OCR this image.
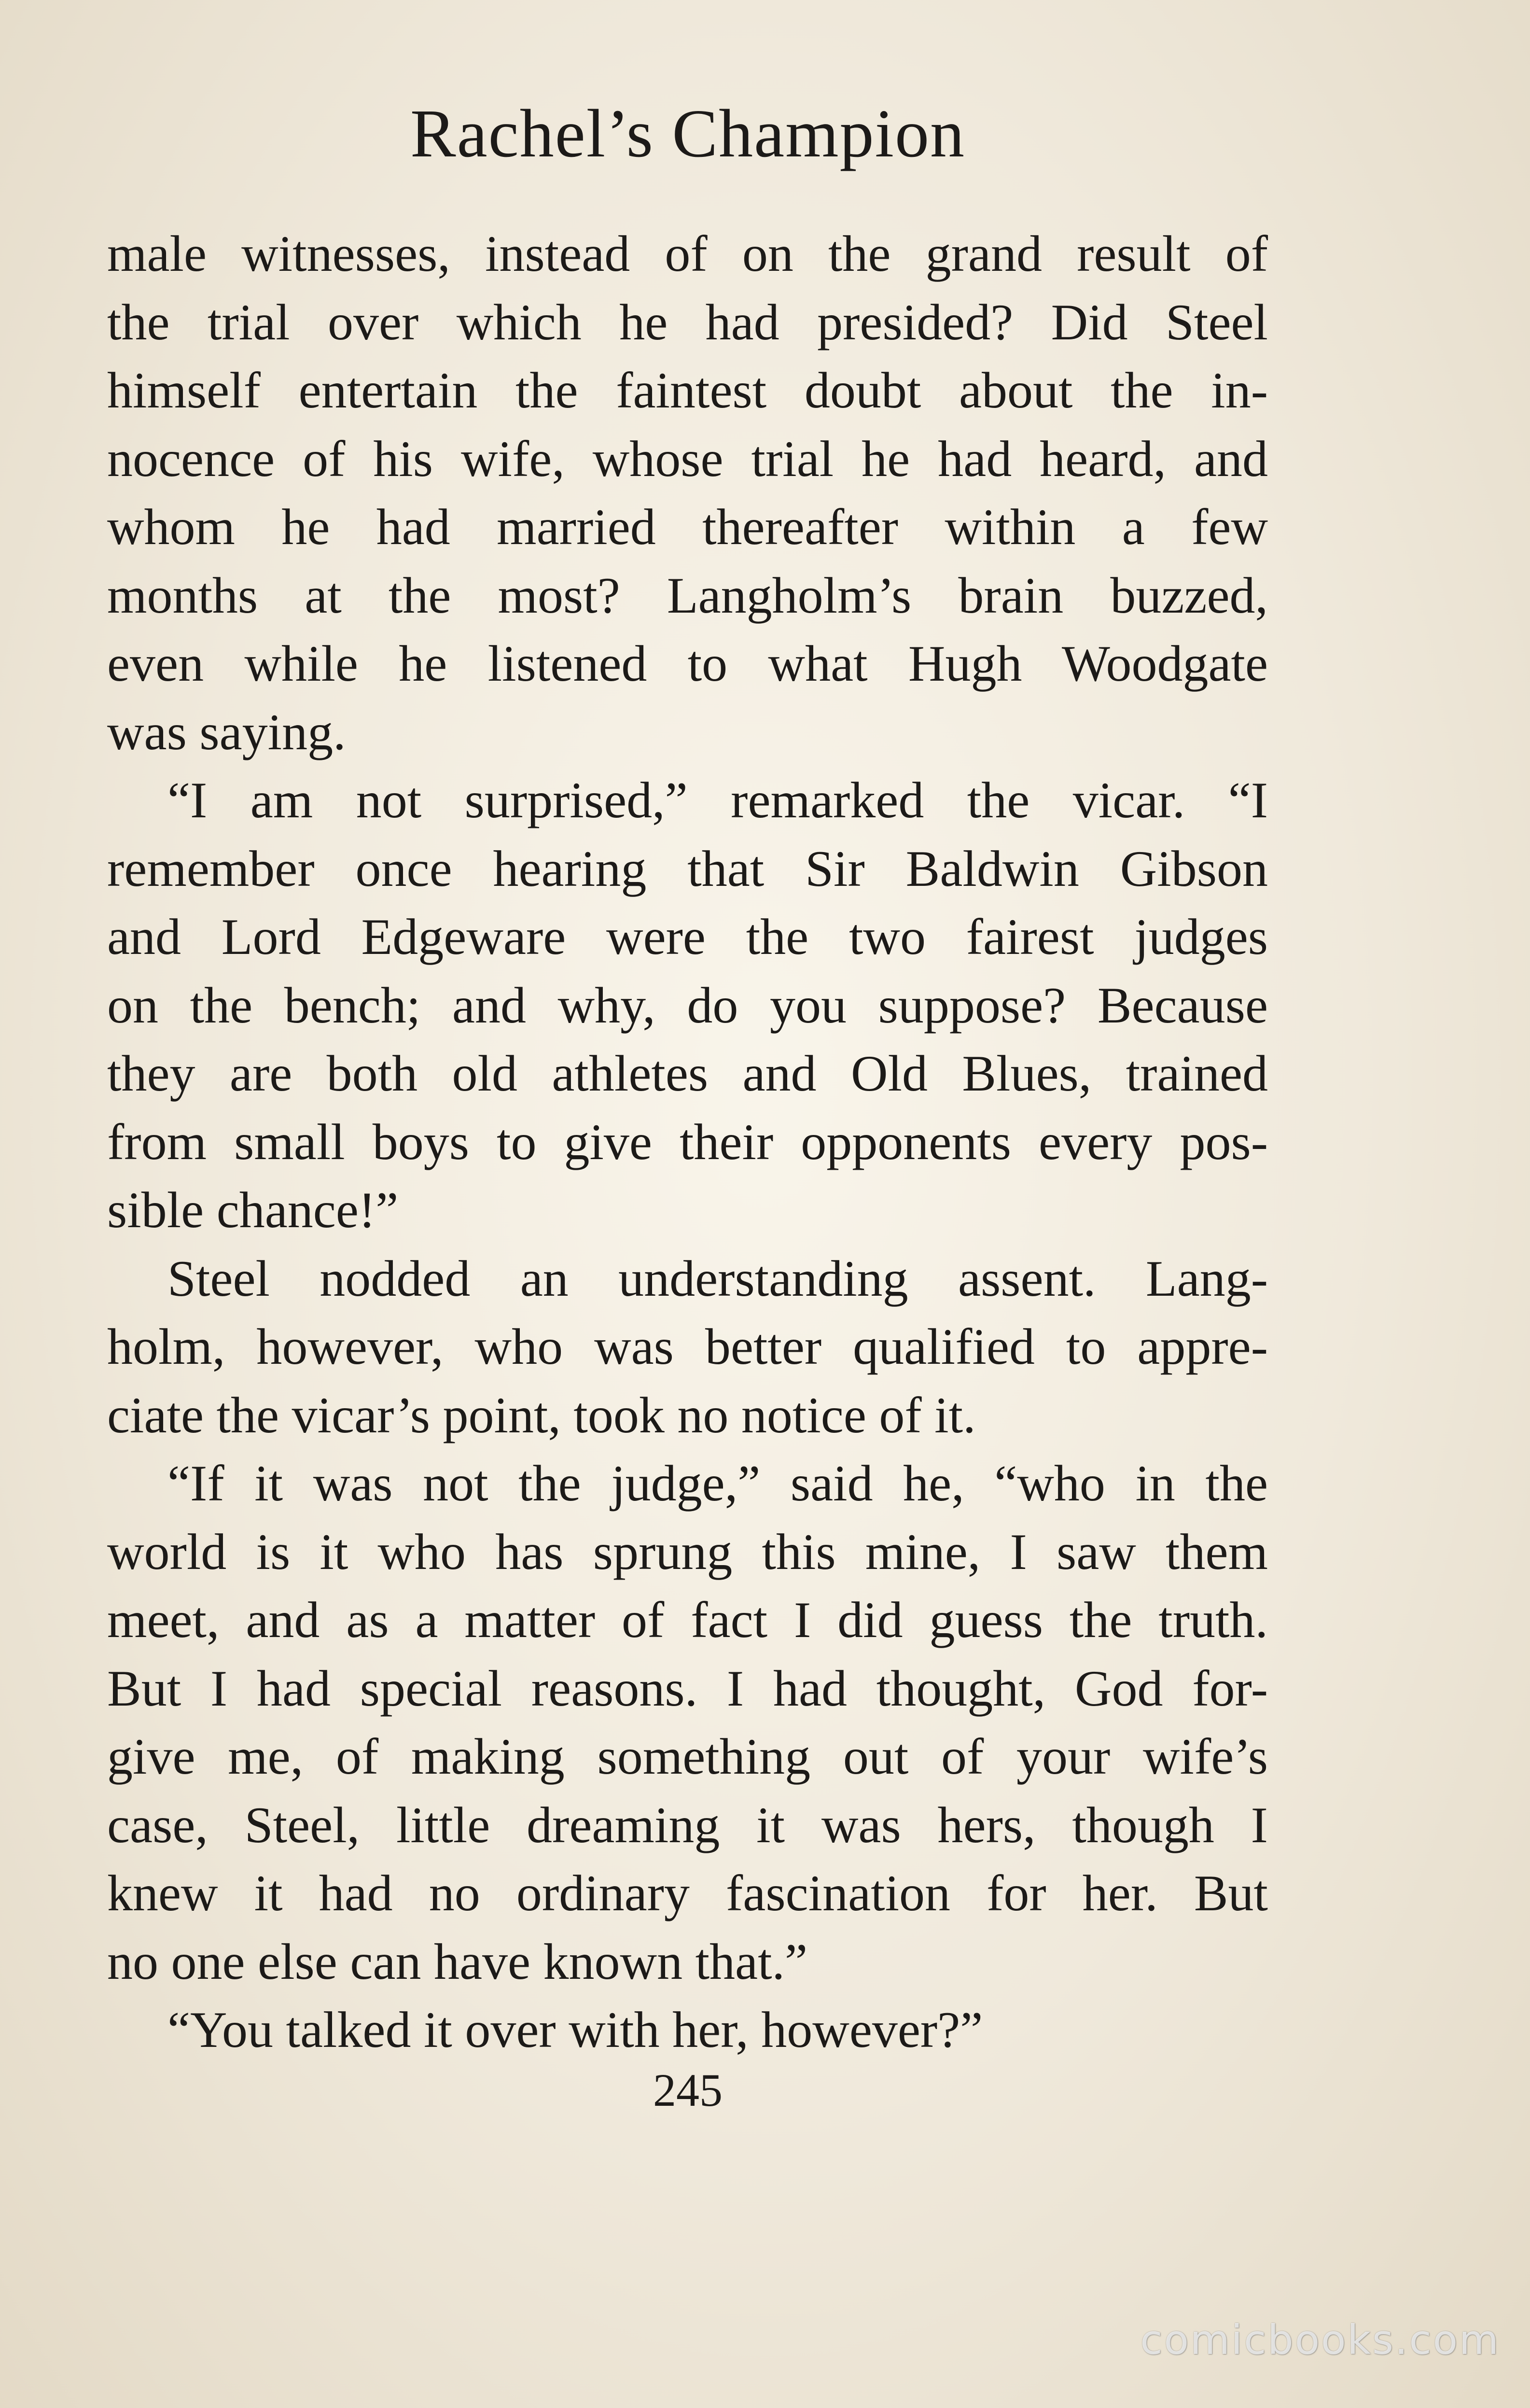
Rachel’s Champion
male witnesses, instead of on the grand result of
the trial over which he had presided? Did Steel
himself entertain the faintest doubt about the in-
nocence of his wife, whose trial he had heard, and
whom he had married thereafter within a few
months at the most? Langholm’s brain buzzed,
even while he listened to what Hugh Woodgate
was saying.
“I am not surprised,” remarked the vicar. “I
remember once hearing that Sir Baldwin Gibson
and Lord Edgeware were the two fairest judges
on the bench; and why, do you suppose? Because
they are both old athletes and Old Blues, trained
from small boys to give their opponents every pos-
sible chance!”
Steel nodded an understanding assent. Lang-
holm, however, who was better qualified to appre-
ciate the vicar’s point, took no notice of it.
“If it was not the judge,” said he, “who in the
world is it who has sprung this mine, I saw them
meet, and as a matter of fact I did guess the truth.
But I had special reasons. I had thought, God for-
give me, of making something out of your wife’s
case, Steel, little dreaming it was hers, though I
knew it had no ordinary fascination for her. But
no one else can have known that.”
“You talked it over with her, however?”
245
comicbooks.com
